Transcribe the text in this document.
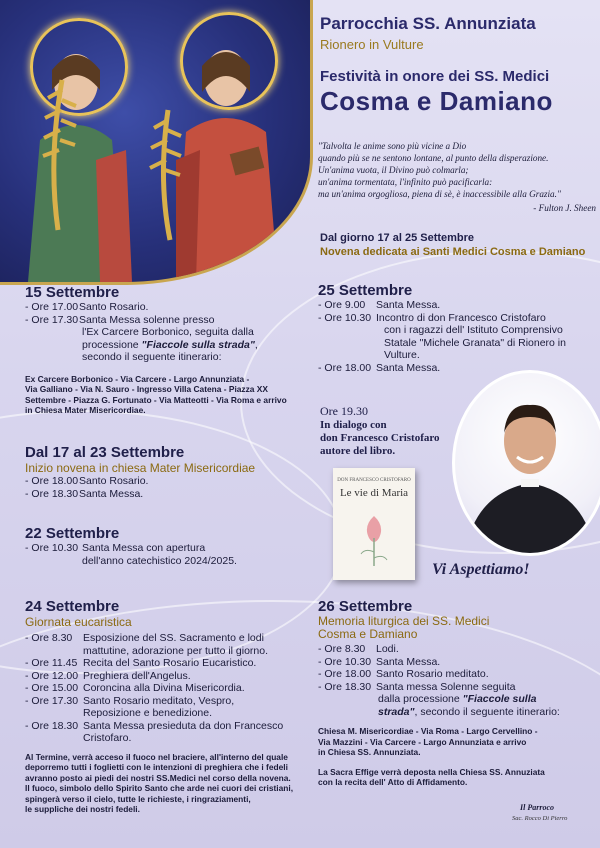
Parrocchia SS. Annunziata
Rionero in Vulture
Festività in onore dei SS. Medici
Cosma e Damiano
"Talvolta le anime sono più vicine a Dio
quando più se ne sentono lontane, al punto della disperazione.
Un'anima vuota, il Divino può colmarla;
un'anima tormentata, l'infinito può pacificarla:
ma un'anima orgogliosa, piena di sè, è inaccessibile alla Grazia."
- Fulton J. Sheen
Dal giorno 17 al 25 Settembre
Novena dedicata ai Santi Medici Cosma e Damiano
15 Settembre
- Ore 17.00Santo Rosario.
- Ore 17.30Santa Messa solenne presso
l'Ex Carcere Borbonico, seguita dalla
processione "Fiaccole sulla strada",
secondo il seguente itinerario:
Ex Carcere Borbonico - Via Carcere - Largo Annunziata -
Via Galliano - Via N. Sauro - Ingresso Villa Catena - Piazza XX
Settembre - Piazza G. Fortunato - Via Matteotti - Via Roma e arrivo
in Chiesa Mater Misericordiae.
Dal 17 al 23 Settembre
Inizio novena in chiesa Mater Misericordiae
- Ore 18.00Santo Rosario.
- Ore 18.30Santa Messa.
22 Settembre
- Ore 10.30 Santa Messa con apertura
dell'anno catechistico 2024/2025.
24 Settembre
Giornata eucaristica
- Ore 8.30 Esposizione del SS. Sacramento e lodi
mattutine, adorazione per tutto il giorno.
- Ore 11.45 Recita del Santo Rosario Eucaristico.
- Ore 12.00 Preghiera dell'Angelus.
- Ore 15.00 Coroncina alla Divina Misericordia.
- Ore 17.30 Santo Rosario meditato, Vespro,
Reposizione e benedizione.
- Ore 18.30 Santa Messa presieduta da don Francesco
Cristofaro.
Al Termine, verrà acceso il fuoco nel braciere, all'interno del quale
deporremo tutti i foglietti con le intenzioni di preghiera che i fedeli
avranno posto ai piedi dei nostri SS.Medici nel corso della novena.
Il fuoco, simbolo dello Spirito Santo che arde nei cuori dei cristiani,
spingerà verso il cielo, tutte le richieste, i ringraziamenti,
le suppliche dei nostri fedeli.
25 Settembre
- Ore 9.00 Santa Messa.
- Ore 10.30 Incontro di don Francesco Cristofaro
con i ragazzi dell' Istituto Comprensivo
Statale "Michele Granata" di Rionero in
Vulture.
- Ore 18.00 Santa Messa.
Ore 19.30
In dialogo con
don Francesco Cristofaro
autore del libro.
DON FRANCESCO CRISTOFARO
Le vie di Maria
Vi Aspettiamo!
26 Settembre
Memoria liturgica dei SS. Medici
Cosma e Damiano
- Ore 8.30 Lodi.
- Ore 10.30 Santa Messa.
- Ore 18.00 Santo Rosario meditato.
- Ore 18.30 Santa messa Solenne seguita
dalla processione "Fiaccole sulla
strada", secondo il seguente itinerario:
Chiesa M. Misericordiae - Via Roma - Largo Cervellino -
Via Mazzini - Via Carcere - Largo Annunziata e arrivo
in Chiesa SS. Annunziata.
La Sacra Effige verrà deposta nella Chiesa SS. Annuziata
con la recita dell' Atto di Affidamento.
Il Parroco
Sac. Rocco Di Pierro
